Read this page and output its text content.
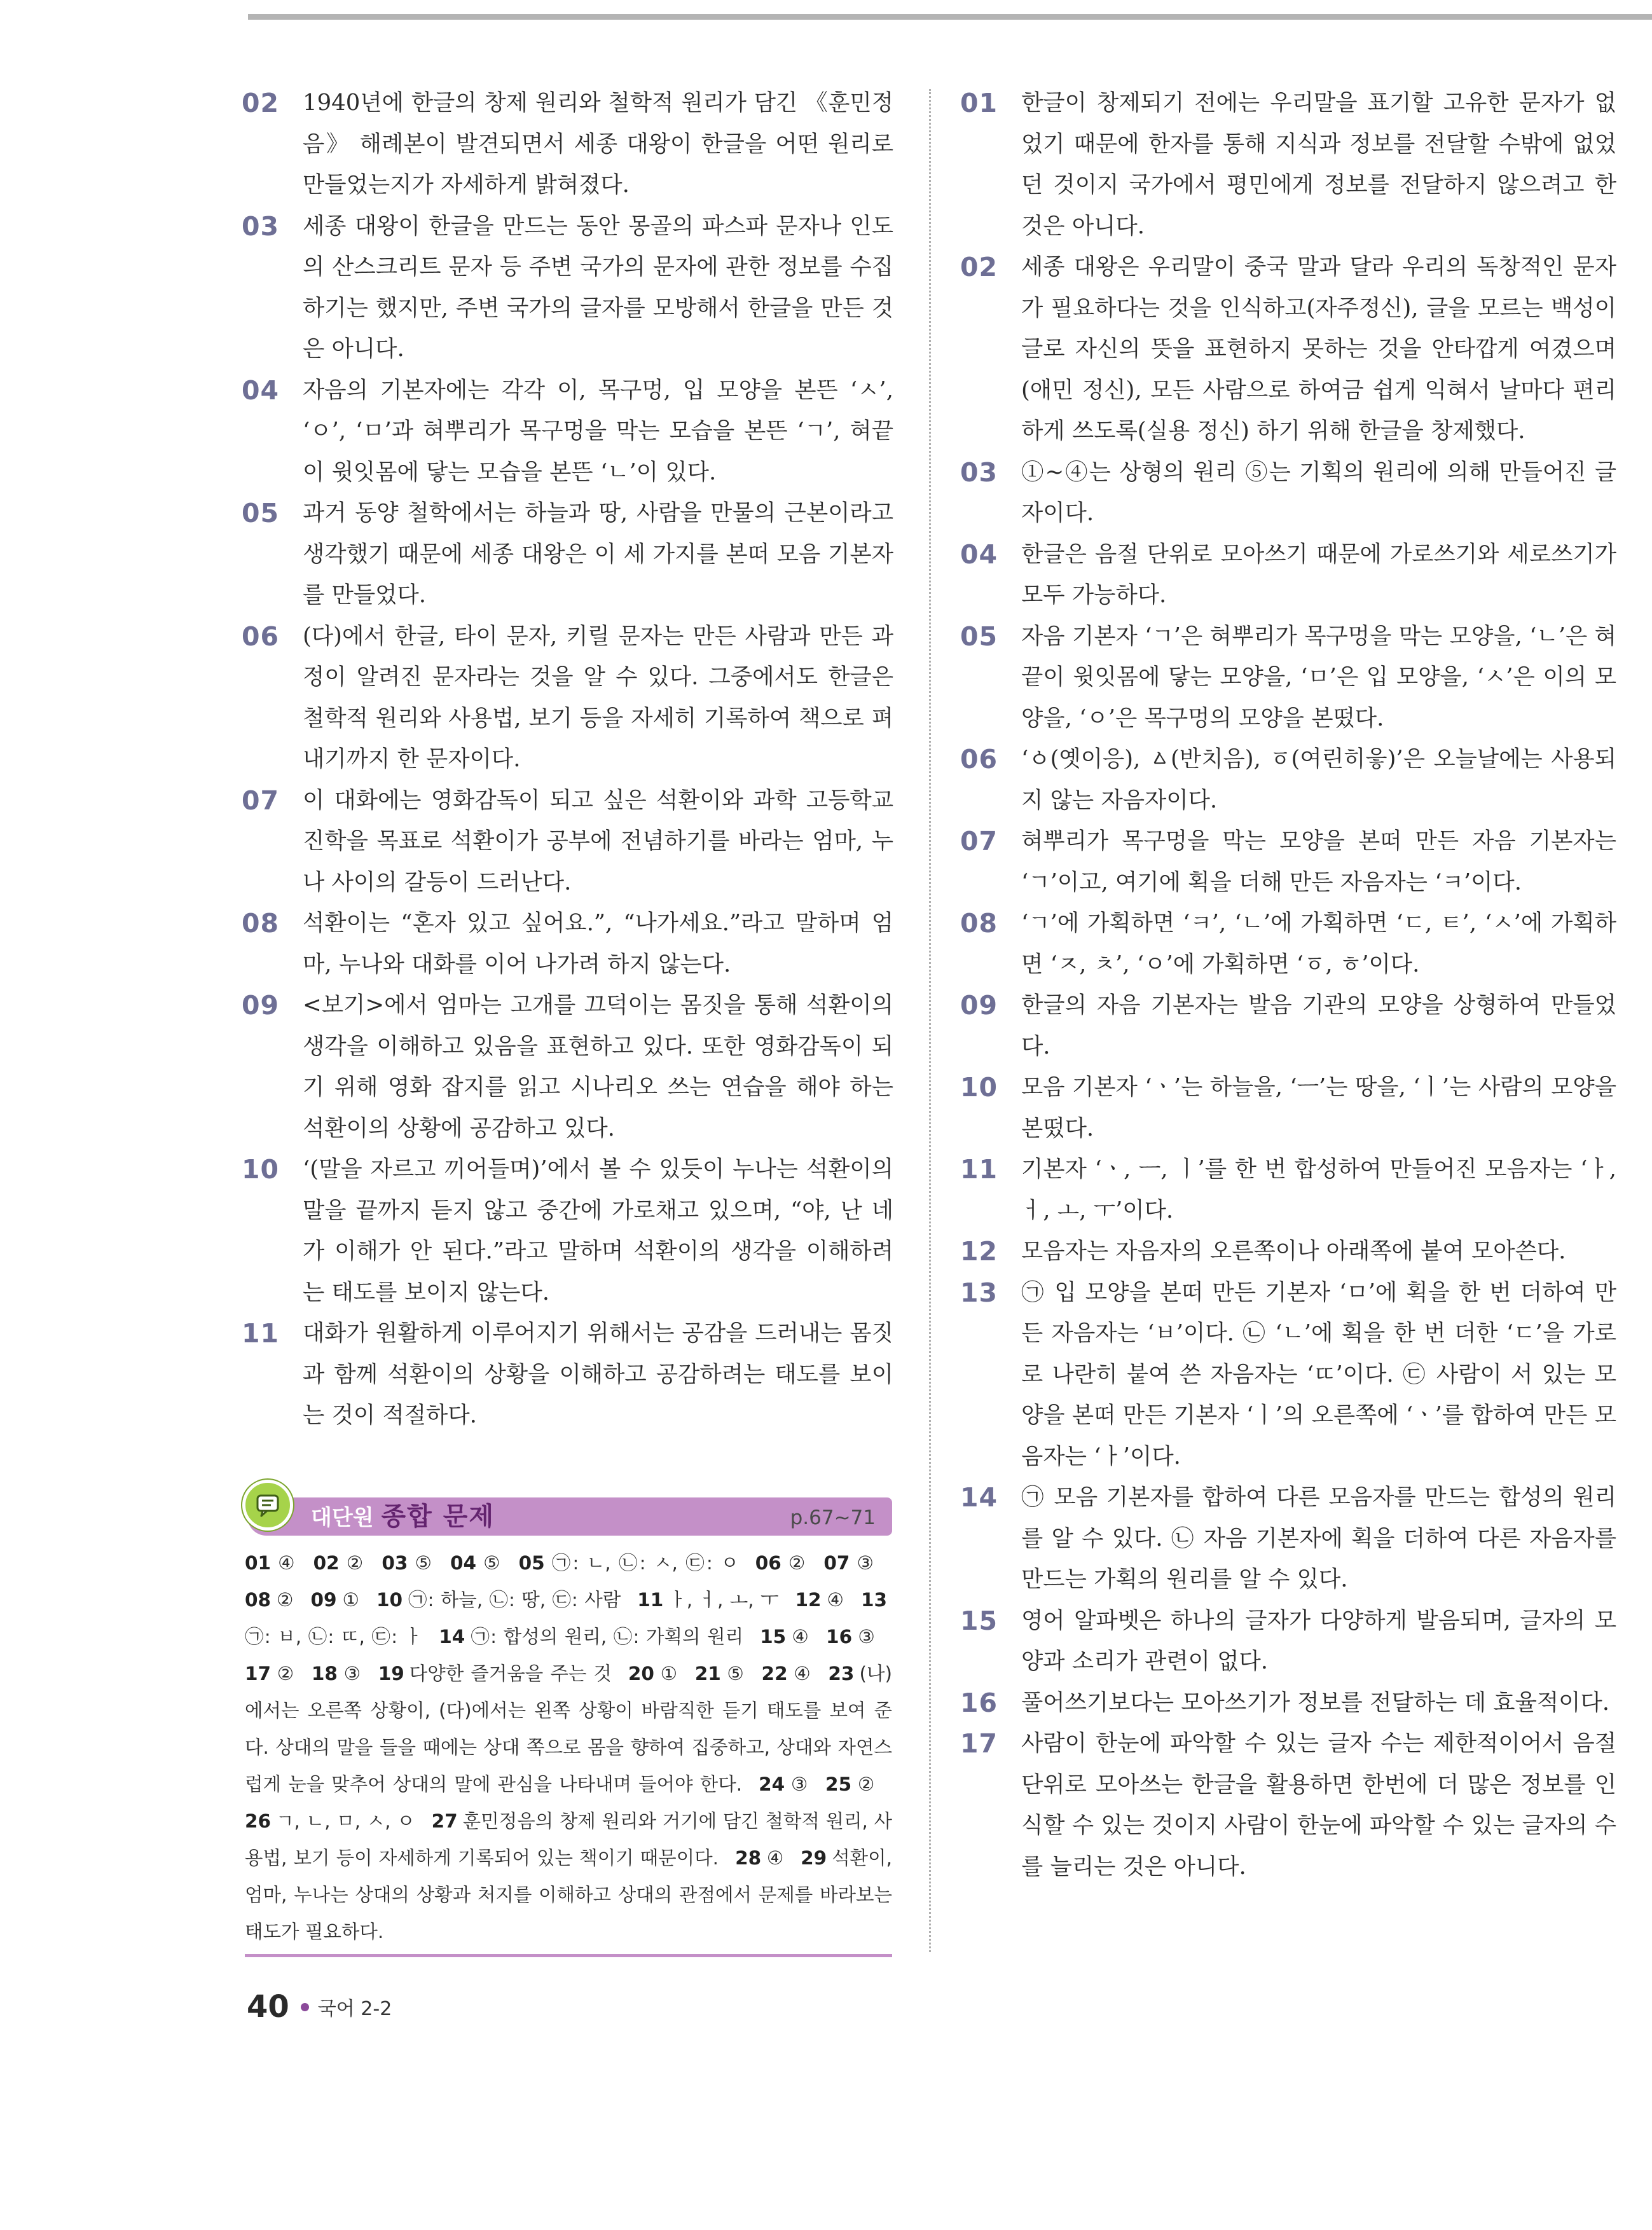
02	1940년에 한글의 창제 원리와 철학적 원리가 담긴 《훈민정음》 해례본이 발견되면서 세종 대왕이 한글을 어떤 원리로 만들었는지가 자세하게 밝혀졌다.
03	세종 대왕이 한글을 만드는 동안 몽골의 파스파 문자나 인도의 산스크리트 문자 등 주변 국가의 문자에 관한 정보를 수집하기는 했지만, 주변 국가의 글자를 모방해서 한글을 만든 것은 아니다.
04	자음의 기본자에는 각각 이, 목구멍, 입 모양을 본뜬 ‘ㅅ’, ‘ㅇ’, ‘ㅁ’과 혀뿌리가 목구멍을 막는 모습을 본뜬 ‘ㄱ’, 혀끝이 윗잇몸에 닿는 모습을 본뜬 ‘ㄴ’이 있다.
05	과거 동양 철학에서는 하늘과 땅, 사람을 만물의 근본이라고 생각했기 때문에 세종 대왕은 이 세 가지를 본떠 모음 기본자를 만들었다.
06	(다)에서 한글, 타이 문자, 키릴 문자는 만든 사람과 만든 과정이 알려진 문자라는 것을 알 수 있다. 그중에서도 한글은 철학적 원리와 사용법, 보기 등을 자세히 기록하여 책으로 펴내기까지 한 문자이다.
07	이 대화에는 영화감독이 되고 싶은 석환이와 과학 고등학교 진학을 목표로 석환이가 공부에 전념하기를 바라는 엄마, 누나 사이의 갈등이 드러난다.
08	석환이는 “혼자 있고 싶어요.”, “나가세요.”라고 말하며 엄마, 누나와 대화를 이어 나가려 하지 않는다.
09	<보기>에서 엄마는 고개를 끄덕이는 몸짓을 통해 석환이의 생각을 이해하고 있음을 표현하고 있다. 또한 영화감독이 되기 위해 영화 잡지를 읽고 시나리오 쓰는 연습을 해야 하는 석환이의 상황에 공감하고 있다.
10	‘(말을 자르고 끼어들며)’에서 볼 수 있듯이 누나는 석환이의 말을 끝까지 듣지 않고 중간에 가로채고 있으며, “야, 난 네가 이해가 안 된다.”라고 말하며 석환이의 생각을 이해하려는 태도를 보이지 않는다.
11	대화가 원활하게 이루어지기 위해서는 공감을 드러내는 몸짓과 함께 석환이의 상황을 이해하고 공감하려는 태도를 보이는 것이 적절하다.
01	한글이 창제되기 전에는 우리말을 표기할 고유한 문자가 없었기 때문에 한자를 통해 지식과 정보를 전달할 수밖에 없었던 것이지 국가에서 평민에게 정보를 전달하지 않으려고 한 것은 아니다.
02	세종 대왕은 우리말이 중국 말과 달라 우리의 독창적인 문자가 필요하다는 것을 인식하고(자주정신), 글을 모르는 백성이 글로 자신의 뜻을 표현하지 못하는 것을 안타깝게 여겼으며(애민 정신), 모든 사람으로 하여금 쉽게 익혀서 날마다 편리하게 쓰도록(실용 정신) 하기 위해 한글을 창제했다.
03	①~④는 상형의 원리 ⑤는 기획의 원리에 의해 만들어진 글자이다.
04	한글은 음절 단위로 모아쓰기 때문에 가로쓰기와 세로쓰기가 모두 가능하다.
05	자음 기본자 ‘ㄱ’은 혀뿌리가 목구멍을 막는 모양을, ‘ㄴ’은 혀끝이 윗잇몸에 닿는 모양을, ‘ㅁ’은 입 모양을, ‘ㅅ’은 이의 모양을, ‘ㅇ’은 목구멍의 모양을 본떴다.
06	‘ㆁ(옛이응), ㅿ(반치음), ㆆ(여린히읗)’은 오늘날에는 사용되지 않는 자음자이다.
07	혀뿌리가 목구멍을 막는 모양을 본떠 만든 자음 기본자는 ‘ㄱ’이고, 여기에 획을 더해 만든 자음자는 ‘ㅋ’이다.
08	‘ㄱ’에 가획하면 ‘ㅋ’, ‘ㄴ’에 가획하면 ‘ㄷ, ㅌ’, ‘ㅅ’에 가획하면 ‘ㅈ, ㅊ’, ‘ㅇ’에 가획하면 ‘ㆆ, ㅎ’이다.
09	한글의 자음 기본자는 발음 기관의 모양을 상형하여 만들었다.
10	모음 기본자 ‘ㆍ’는 하늘을, ‘ㅡ’는 땅을, ‘ㅣ’는 사람의 모양을 본떴다.
11	기본자 ‘ㆍ, ㅡ, ㅣ’를 한 번 합성하여 만들어진 모음자는 ‘ㅏ, ㅓ, ㅗ, ㅜ’이다.
12	모음자는 자음자의 오른쪽이나 아래쪽에 붙여 모아쓴다.
13	㉠ 입 모양을 본떠 만든 기본자 ‘ㅁ’에 획을 한 번 더하여 만든 자음자는 ‘ㅂ’이다. ㉡ ‘ㄴ’에 획을 한 번 더한 ‘ㄷ’을 가로로 나란히 붙여 쓴 자음자는 ‘ㄸ’이다. ㉢ 사람이 서 있는 모양을 본떠 만든 기본자 ‘ㅣ’의 오른쪽에 ‘ㆍ’를 합하여 만든 모음자는 ‘ㅏ’이다.
14	㉠ 모음 기본자를 합하여 다른 모음자를 만드는 합성의 원리를 알 수 있다. ㉡ 자음 기본자에 획을 더하여 다른 자음자를 만드는 가획의 원리를 알 수 있다.
15	영어 알파벳은 하나의 글자가 다양하게 발음되며, 글자의 모양과 소리가 관련이 없다.
16	풀어쓰기보다는 모아쓰기가 정보를 전달하는 데 효율적이다.
17	사람이 한눈에 파악할 수 있는 글자 수는 제한적이어서 음절 단위로 모아쓰는 한글을 활용하면 한번에 더 많은 정보를 인식할 수 있는 것이지 사람이 한눈에 파악할 수 있는 글자의 수를 늘리는 것은 아니다.
대단원 종합 문제	p.67~71
01 ④ 02 ② 03 ⑤ 04 ⑤ 05 ㉠: ㄴ, ㉡: ㅅ, ㉢: ㅇ 06 ② 07 ③08 ② 09 ① 10 ㉠: 하늘, ㉡: 땅, ㉢: 사람 11 ㅏ, ㅓ, ㅗ, ㅜ 12 ④ 13㉠: ㅂ, ㉡: ㄸ, ㉢: ㅏ 14 ㉠: 합성의 원리, ㉡: 가획의 원리 15 ④ 16 ③17 ② 18 ③ 19 다양한 즐거움을 주는 것 20 ① 21 ⑤ 22 ④ 23 (나)에서는 오른쪽 상황이, (다)에서는 왼쪽 상황이 바람직한 듣기 태도를 보여 준다. 상대의 말을 들을 때에는 상대 쪽으로 몸을 향하여 집중하고, 상대와 자연스럽게 눈을 맞추어 상대의 말에 관심을 나타내며 들어야 한다. 24 ③ 25 ②26 ㄱ, ㄴ, ㅁ, ㅅ, ㅇ 27 훈민정음의 창제 원리와 거기에 담긴 철학적 원리, 사용법, 보기 등이 자세하게 기록되어 있는 책이기 때문이다. 28 ④ 29 석환이, 엄마, 누나는 상대의 상황과 처지를 이해하고 상대의 관점에서 문제를 바라보는 태도가 필요하다.
40 국어 2-2
